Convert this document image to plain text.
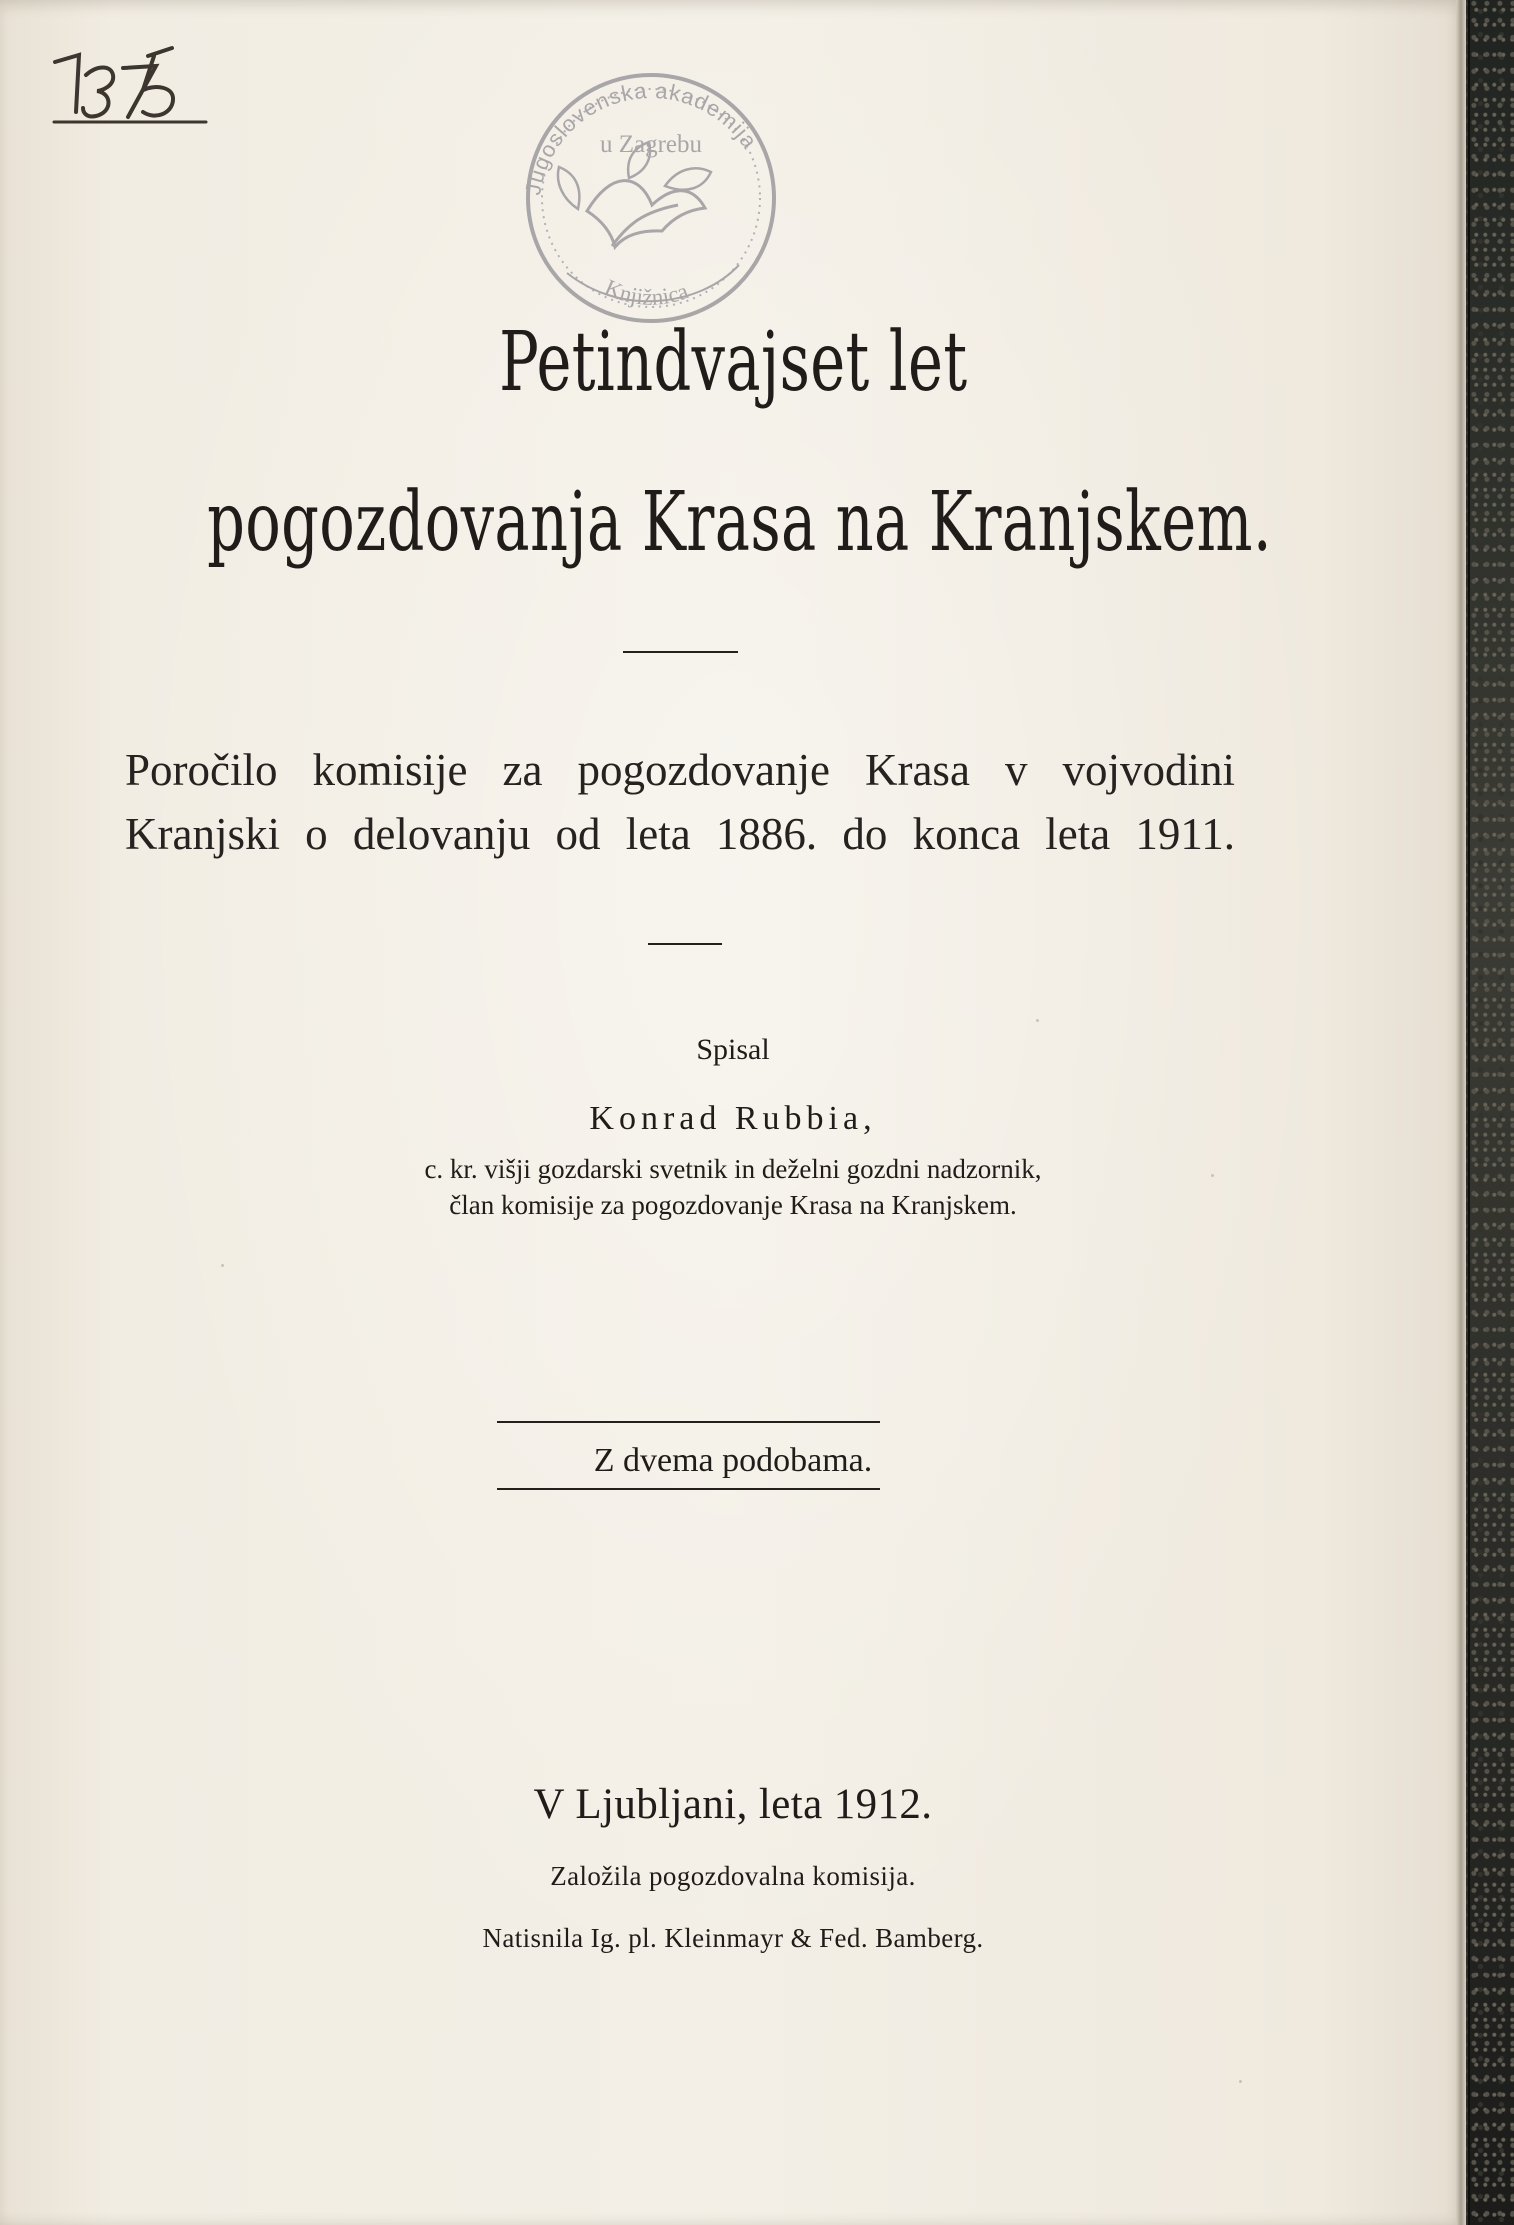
Jugoslovenska akademija
u Zagrebu
Knjižnica
Petindvajset let
pogozdovanja Krasa na Kranjskem.
Poročilo komisije za pogozdovanje Krasa v vojvodini
Kranjski o delovanju od leta 1886. do konca leta 1911.
Spisal
Konrad Rubbia,
c. kr. višji gozdarski svetnik in deželni gozdni nadzornik,
član komisije za pogozdovanje Krasa na Kranjskem.
Z dvema podobama.
V Ljubljani, leta 1912.
Založila pogozdovalna komisija.
Natisnila Ig. pl. Kleinmayr & Fed. Bamberg.
